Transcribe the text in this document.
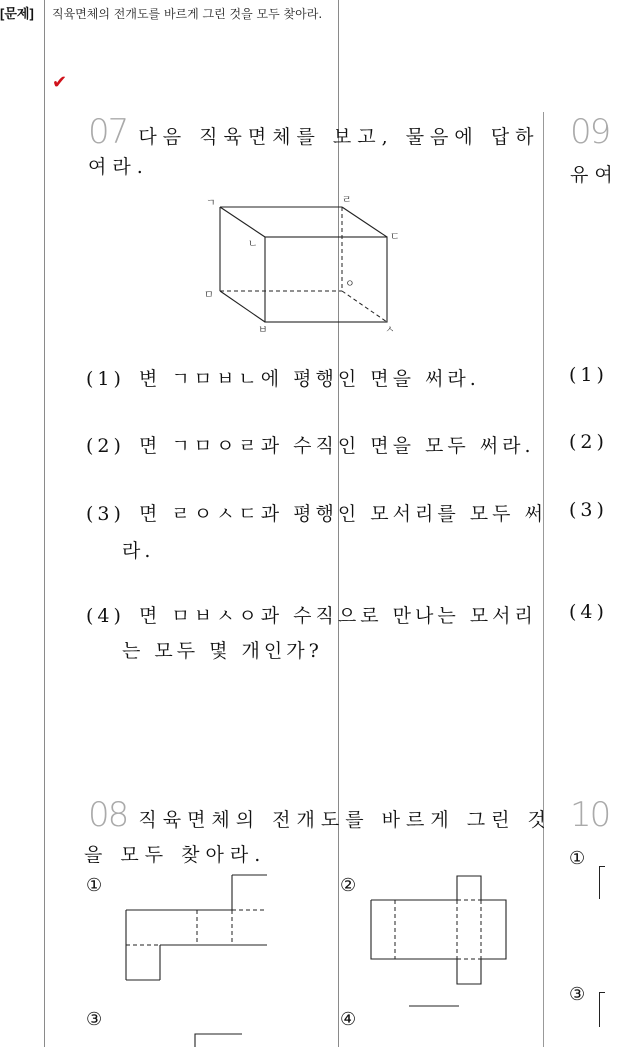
[문제] 직육면체의 전개도를 바르게 그린 것을 모두 찾아라.
✔
07 다음 직육면체를 보고, 물음에 답하
여라.
ㄱ	ㄹ
ㄷ
ㄴ
ㅇ
ㅁ
ㅂ	ㅅ
(1) 변 ㄱㅁㅂㄴ에 평행인 면을 써라.
(2) 면 ㄱㅁㅇㄹ과 수직인 면을 모두 써라.
(3) 면 ㄹㅇㅅㄷ과 평행인 모서리를 모두 써
라.
(4) 면 ㅁㅂㅅㅇ과 수직으로 만나는 모서리
는 모두 몇 개인가?
08 직육면체의 전개도를 바르게 그린 것
을 모두 찾아라.
①	②
③	④
09
유여
(1)
(2)
(3)
(4)
10
①
③
